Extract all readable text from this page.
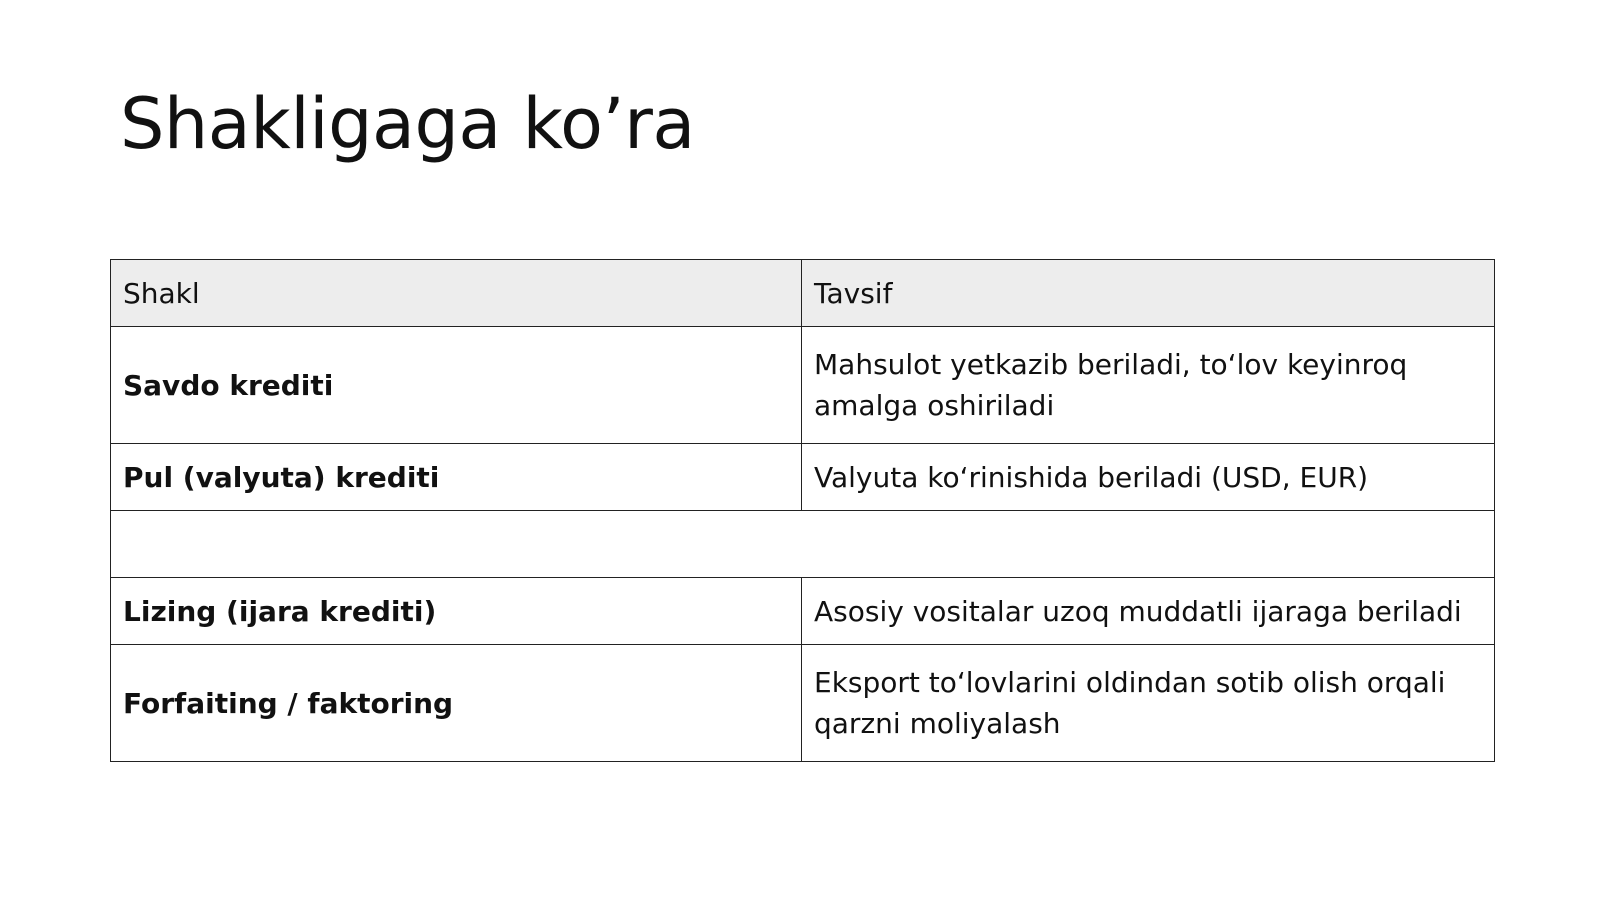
Shakligaga ko’ra
Shakl	Tavsif
Savdo krediti	Mahsulot yetkazib beriladi, to‘lov keyinroq amalga oshiriladi
Pul (valyuta) krediti	Valyuta ko‘rinishida beriladi (USD, EUR)

Lizing (ijara krediti)	Asosiy vositalar uzoq muddatli ijaraga beriladi
Forfaiting / faktoring	Eksport to‘lovlarini oldindan sotib olish orqali qarzni moliyalash
